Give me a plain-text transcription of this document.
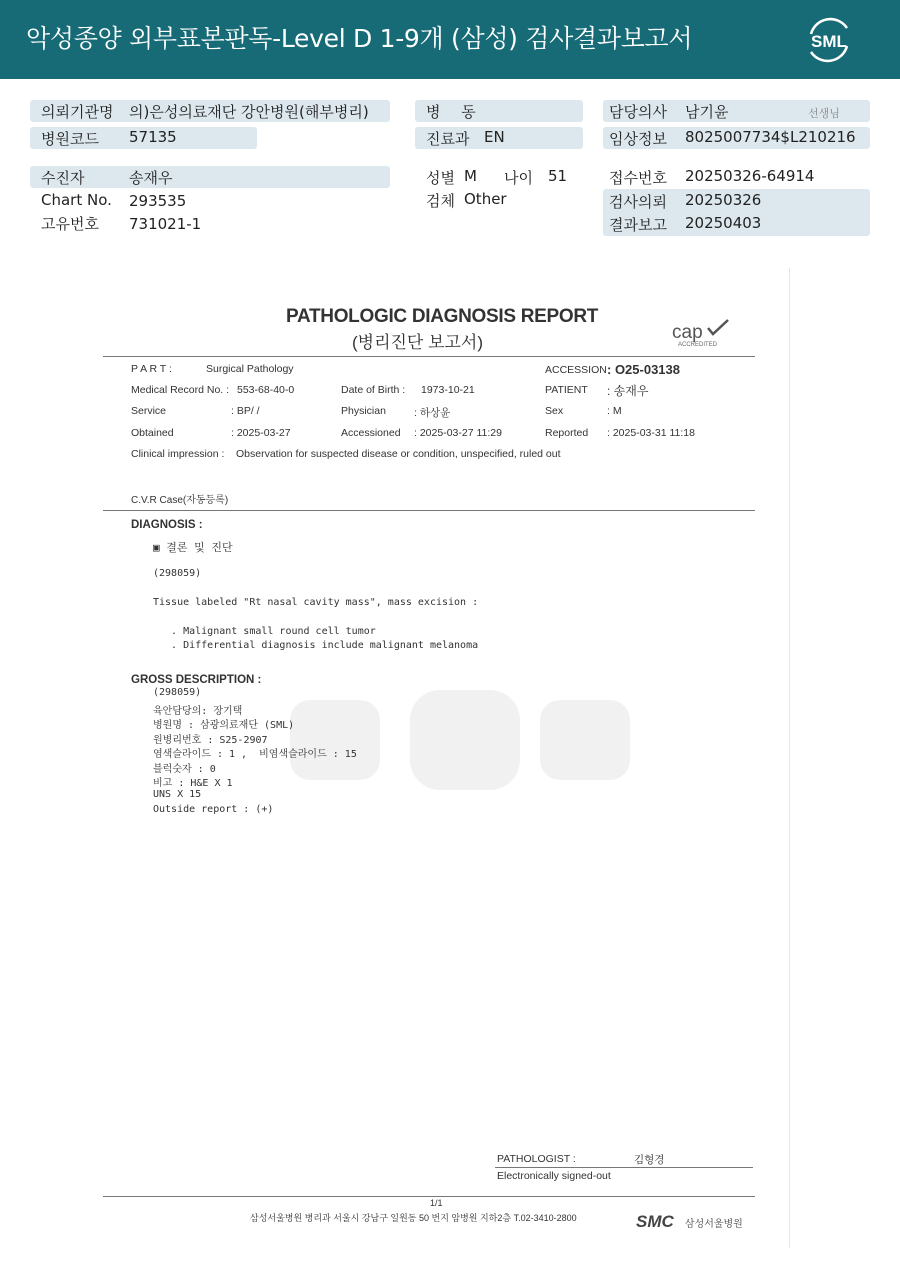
악성종양 외부표본판독-Level D 1-9개 (삼성) 검사결과보고서	SML
의뢰기관명 의)은성의료재단 강안병원(해부병리)
병원코드 57135
수진자	송재우
Chart No. 293535
고유번호 731021-1
병 동
진료과 EN
성별 M 나이 51
검체 Other
담당의사 남기윤	선생님
임상정보 8025007734$L210216
접수번호 20250326-64914
검사의뢰 20250326
결과보고 20250403
PATHOLOGIC DIAGNOSIS REPORT
(병리진단 보고서)	cap
ACCREDITED
P A R T :	Surgical Pathology	ACCESSION : O25-03138
Medical Record No. : 553-68-40-0	Date of Birth : 1973-10-21	PATIENT : 송재우
Service	: BP/ /	Physician	: 하상윤	Sex	: M
Obtained	: 2025-03-27	Accessioned : 2025-03-27 11:29	Reported : 2025-03-31 11:18
Clinical impression : Observation for suspected disease or condition, unspecified, ruled out
C.V.R Case(자동등록)
DIAGNOSIS :
▣ 결론 및 진단
(298059)
Tissue labeled "Rt nasal cavity mass", mass excision :
. Malignant small round cell tumor
. Differential diagnosis include malignant melanoma
GROSS DESCRIPTION :
(298059)
육안담당의: 장기택
병원명 : 삼광의료재단 (SML)
원병리번호 : S25-2907
염색슬라이드 : 1 ,  비염색슬라이드 : 15
블럭숫자 : 0
비고 : H&E X 1
UNS X 15
Outside report : (+)
PATHOLOGIST :	김형경
Electronically signed-out
1/1
삼성서울병원 병리과 서울시 강남구 일원동 50 번지 암병원 지하2층 T.02-3410-2800	SMC 삼성서울병원
